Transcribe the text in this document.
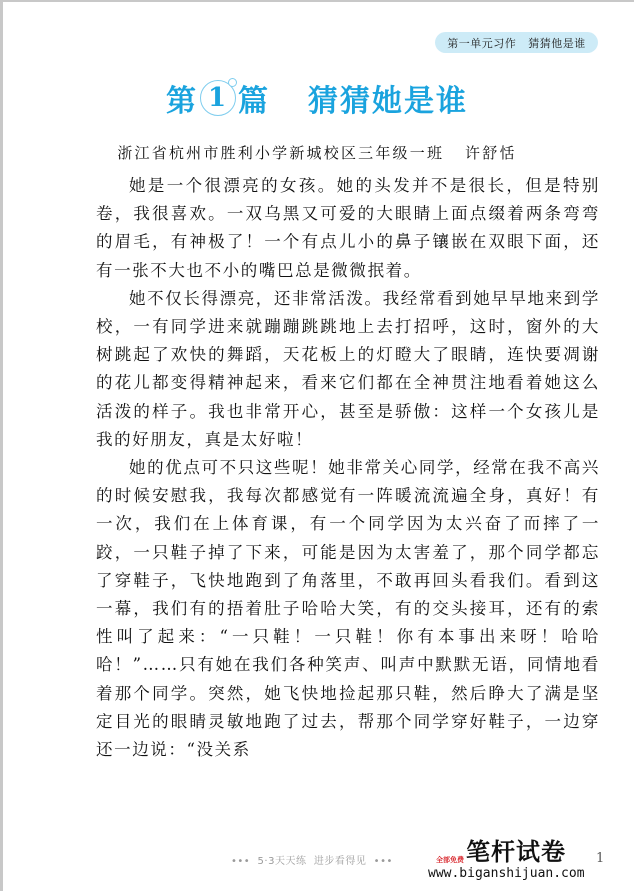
第一单元习作   猜猜他是谁
第 1 篇 猜猜她是谁
浙江省杭州市胜利小学新城校区三年级一班   许舒恬

她是一个很漂亮的女孩。她的头发并不是很长，但是特别卷，我很喜欢。一双乌黑又可爱的大眼睛上面点缀着两条弯弯的眉毛，有神极了！一个有点儿小的鼻子镶嵌在双眼下面，还有一张不大也不小的嘴巴总是微微抿着。

她不仅长得漂亮，还非常活泼。我经常看到她早早地来到学校，一有同学进来就蹦蹦跳跳地上去打招呼，这时，窗外的大树跳起了欢快的舞蹈，天花板上的灯瞪大了眼睛，连快要凋谢的花儿都变得精神起来，看来它们都在全神贯注地看着她这么活泼的样子。我也非常开心，甚至是骄傲：这样一个女孩儿是我的好朋友，真是太好啦！

她的优点可不只这些呢！她非常关心同学，经常在我不高兴的时候安慰我，我每次都感觉有一阵暖流流遍全身，真好！有一次，我们在上体育课，有一个同学因为太兴奋了而摔了一跤，一只鞋子掉了下来，可能是因为太害羞了，那个同学都忘了穿鞋子，飞快地跑到了角落里，不敢再回头看我们。看到这一幕，我们有的捂着肚子哈哈大笑，有的交头接耳，还有的索性叫了起来：“一只鞋！一只鞋！你有本事出来呀！哈哈哈！”……只有她在我们各种笑声、叫声中默默无语，同情地看着那个同学。突然，她飞快地捡起那只鞋，然后睁大了满是坚定目光的眼睛灵敏地跑了过去，帮那个同学穿好鞋子，一边穿还一边说：“没关系

•••  5·3天天练  进步看得见  •••	笔杆试卷
全部免费
www.biganshijuan.com
1
